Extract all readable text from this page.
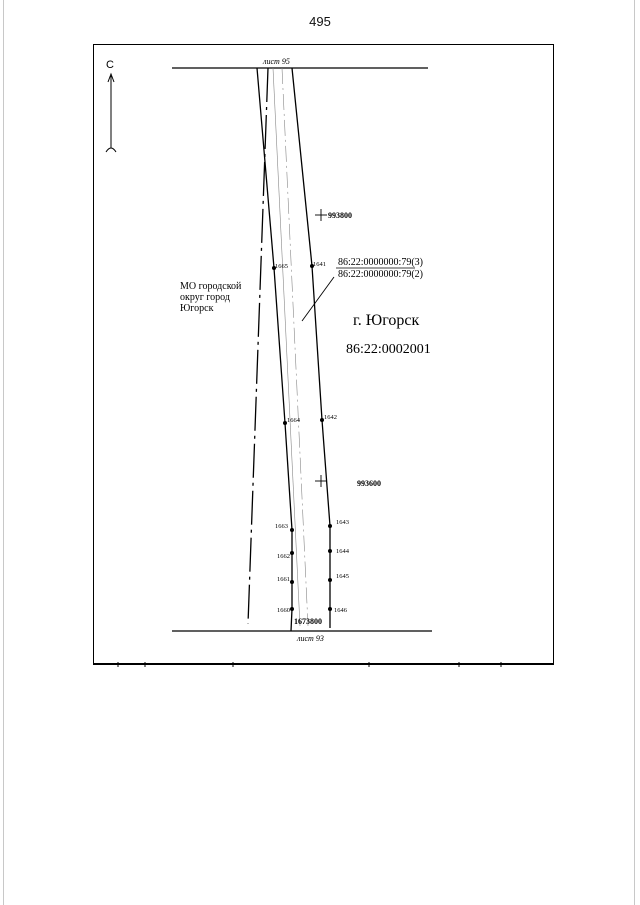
495
С	лист 95
лист 93
993800
993600
1673800
86:22:0000000:79(3)
86:22:0000000:79(2)
МО городской
округ город
Югорск
г. Югорск
86:22:0002001
1641
1642
1643
1644
1645
1646
1660
1661
1662
1663
1664
1665
